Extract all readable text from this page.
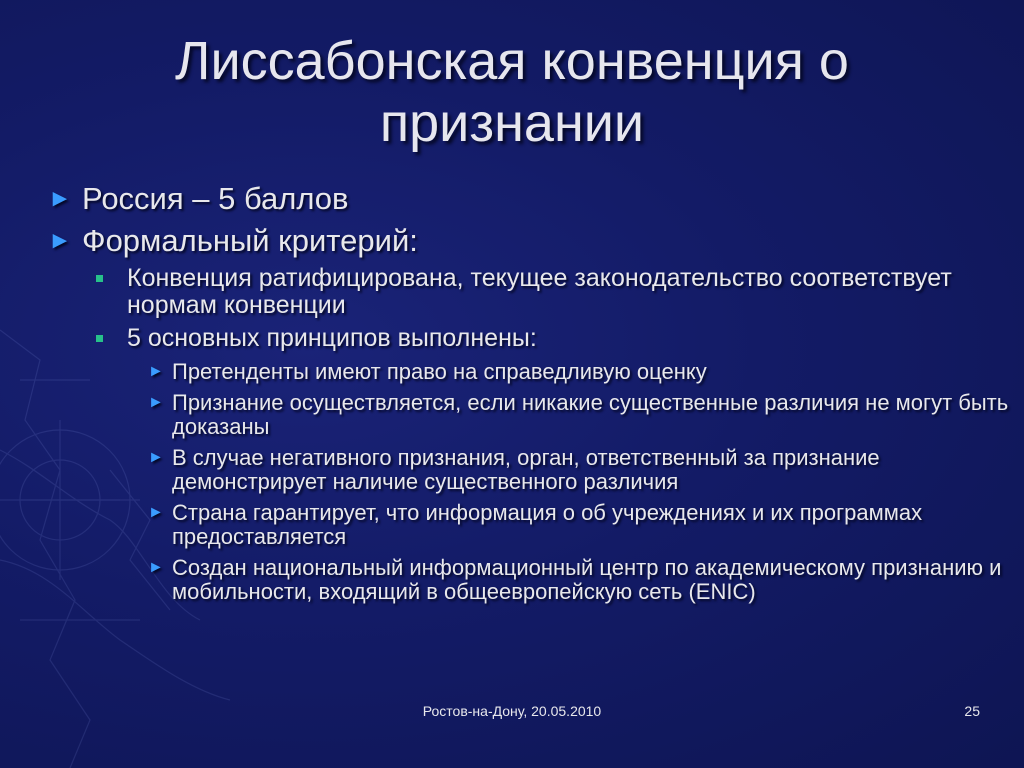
Лиссабонская конвенция о признании
► Россия – 5 баллов
► Формальный критерий:
Конвенция ратифицирована, текущее законодательство соответствует нормам конвенции
5 основных принципов выполнены:
► Претенденты имеют право на справедливую оценку
► Признание осуществляется, если никакие существенные различия не могут быть доказаны
► В случае негативного признания, орган, ответственный за признание демонстрирует наличие существенного различия
► Страна гарантирует, что информация о об учреждениях и их программах предоставляется
► Создан национальный информационный центр по академическому признанию и мобильности, входящий в общеевропейскую сеть (ENIC)
Ростов-на-Дону, 20.05.2010	25
